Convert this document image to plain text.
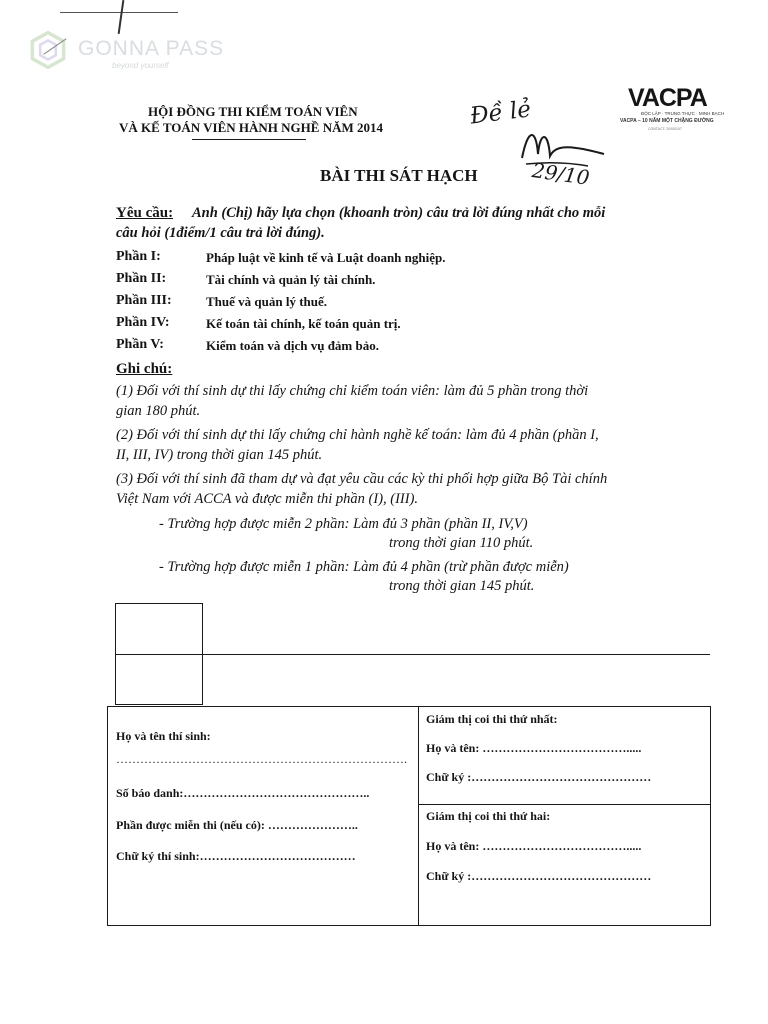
GONNA PASS
beyond yourself
VACPA
ĐỘC LẬP · TRUNG THỰC · MINH BẠCH
VACPA – 10 NĂM MỘT CHẶNG ĐƯỜNG
CONTACT: 20000107
HỘI ĐỒNG THI KIỂM TOÁN VIÊN
VÀ KẾ TOÁN VIÊN HÀNH NGHỀ NĂM 2014
BÀI THI SÁT HẠCH
Đề lẻ
29/10
Yêu cầu: Anh (Chị) hãy lựa chọn (khoanh tròn) câu trả lời đúng nhất cho mỗi
câu hỏi (1điểm/1 câu trả lời đúng).
Phần I:	Pháp luật về kinh tế và Luật doanh nghiệp.
Phần II:	Tài chính và quản lý tài chính.
Phần III:	Thuế và quản lý thuế.
Phần IV:	Kế toán tài chính, kế toán quản trị.
Phần V:	Kiểm toán và dịch vụ đảm bảo.
Ghi chú:
(1) Đối với thí sinh dự thi lấy chứng chỉ kiểm toán viên: làm đủ 5 phần trong thời
gian 180 phút.
(2) Đối với thí sinh dự thi lấy chứng chỉ hành nghề kế toán: làm đủ 4 phần (phần I,
II, III, IV) trong thời gian 145 phút.
(3) Đối với thí sinh đã tham dự và đạt yêu cầu các kỳ thi phối hợp giữa Bộ Tài chính
Việt Nam với ACCA và được miễn thi phần (I), (III).
- Trường hợp được miễn 2 phần: Làm đủ 3 phần (phần II, IV,V)
trong thời gian 110 phút.
- Trường hợp được miễn 1 phần: Làm đủ 4 phần (trừ phần được miễn)
trong thời gian 145 phút.
Họ và tên thí sinh:
……………………………………………………………….
Số báo danh:………………………………………..
Phần được miễn thi (nếu có): …………………..
Chữ ký thí sinh:…………………………………
Giám thị coi thi thứ nhất:
Họ và tên: ……………………………….....
Chữ ký :………………………………………
Giám thị coi thi thứ hai:
Họ và tên: ……………………………….....
Chữ ký :………………………………………
